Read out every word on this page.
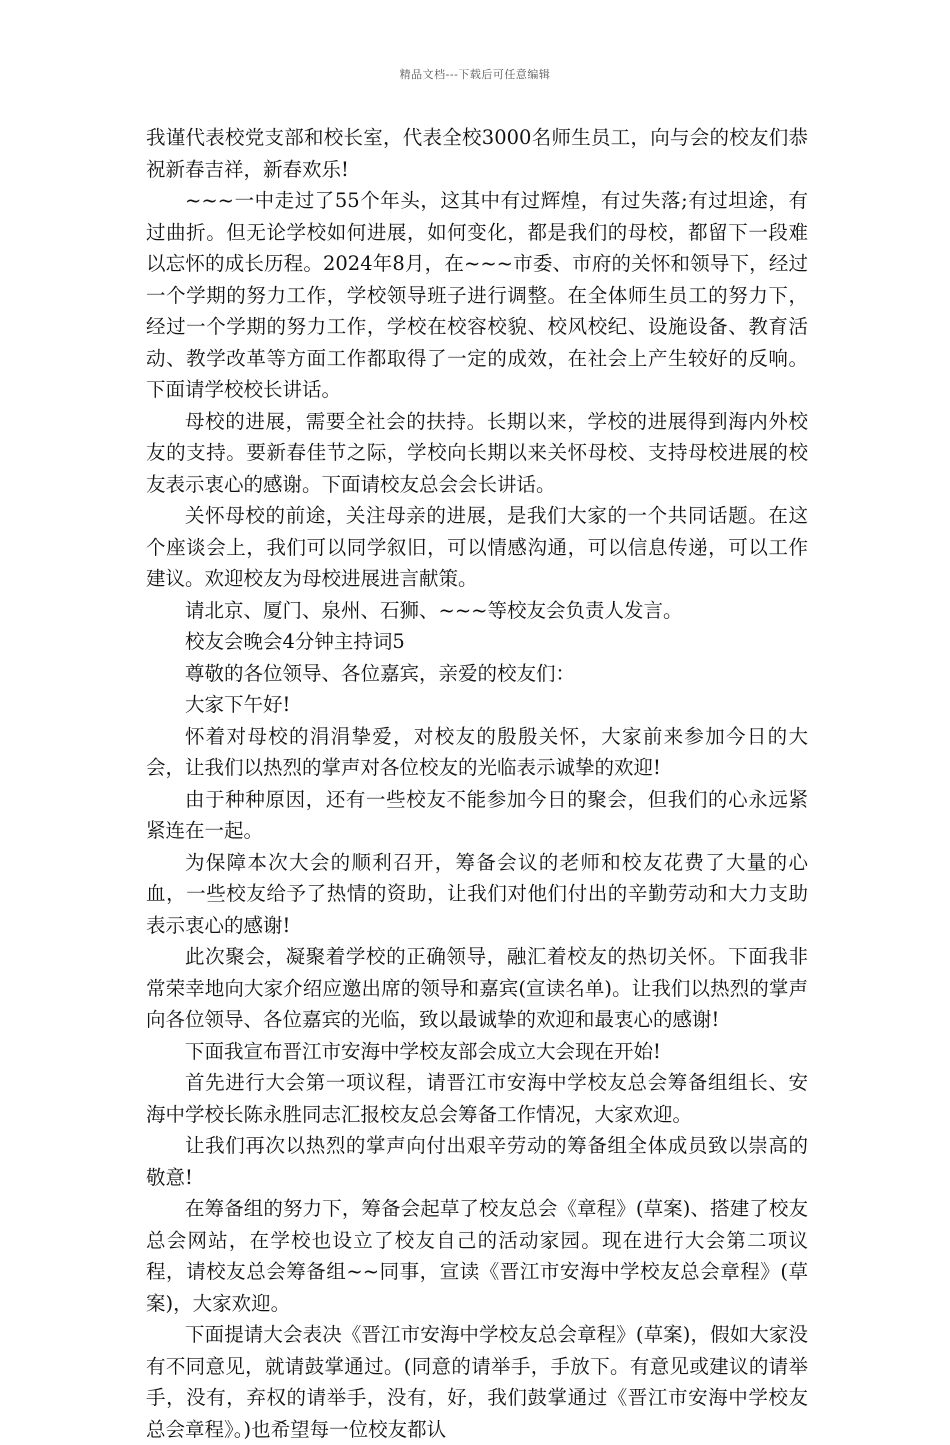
精品文档---下载后可任意编辑

我谨代表校党支部和校长室，代表全校3000名师生员工，向与会的校友们恭祝新春吉祥，新春欢乐!

~~~一中走过了55个年头，这其中有过辉煌，有过失落;有过坦途，有过曲折。但无论学校如何进展，如何变化，都是我们的母校，都留下一段难以忘怀的成长历程。2024年8月，在~~~市委、市府的关怀和领导下，经过一个学期的努力工作，学校领导班子进行调整。在全体师生员工的努力下，经过一个学期的努力工作，学校在校容校貌、校风校纪、设施设备、教育活动、教学改革等方面工作都取得了一定的成效，在社会上产生较好的反响。下面请学校校长讲话。

母校的进展，需要全社会的扶持。长期以来，学校的进展得到海内外校友的支持。要新春佳节之际，学校向长期以来关怀母校、支持母校进展的校友表示衷心的感谢。下面请校友总会会长讲话。

关怀母校的前途，关注母亲的进展，是我们大家的一个共同话题。在这个座谈会上，我们可以同学叙旧，可以情感沟通，可以信息传递，可以工作建议。欢迎校友为母校进展进言献策。

请北京、厦门、泉州、石狮、~~~等校友会负责人发言。

校友会晚会4分钟主持词5

尊敬的各位领导、各位嘉宾，亲爱的校友们：

大家下午好!

怀着对母校的涓涓挚爱，对校友的殷殷关怀，大家前来参加今日的大会，让我们以热烈的掌声对各位校友的光临表示诚挚的欢迎!

由于种种原因，还有一些校友不能参加今日的聚会，但我们的心永远紧紧连在一起。

为保障本次大会的顺利召开，筹备会议的老师和校友花费了大量的心血，一些校友给予了热情的资助，让我们对他们付出的辛勤劳动和大力支助表示衷心的感谢!

此次聚会，凝聚着学校的正确领导，融汇着校友的热切关怀。下面我非常荣幸地向大家介绍应邀出席的领导和嘉宾(宣读名单)。让我们以热烈的掌声向各位领导、各位嘉宾的光临，致以最诚挚的欢迎和最衷心的感谢!

下面我宣布晋江市安海中学校友部会成立大会现在开始!

首先进行大会第一项议程，请晋江市安海中学校友总会筹备组组长、安海中学校长陈永胜同志汇报校友总会筹备工作情况，大家欢迎。

让我们再次以热烈的掌声向付出艰辛劳动的筹备组全体成员致以崇高的敬意!

在筹备组的努力下，筹备会起草了校友总会《章程》(草案)、搭建了校友总会网站，在学校也设立了校友自己的活动家园。现在进行大会第二项议程，请校友总会筹备组~~同事，宣读《晋江市安海中学校友总会章程》(草案)，大家欢迎。

下面提请大会表决《晋江市安海中学校友总会章程》(草案)，假如大家没有不同意见，就请鼓掌通过。(同意的请举手，手放下。有意见或建议的请举手，没有，弃权的请举手，没有，好，我们鼓掌通过《晋江市安海中学校友总会章程》。)也希望每一位校友都认
